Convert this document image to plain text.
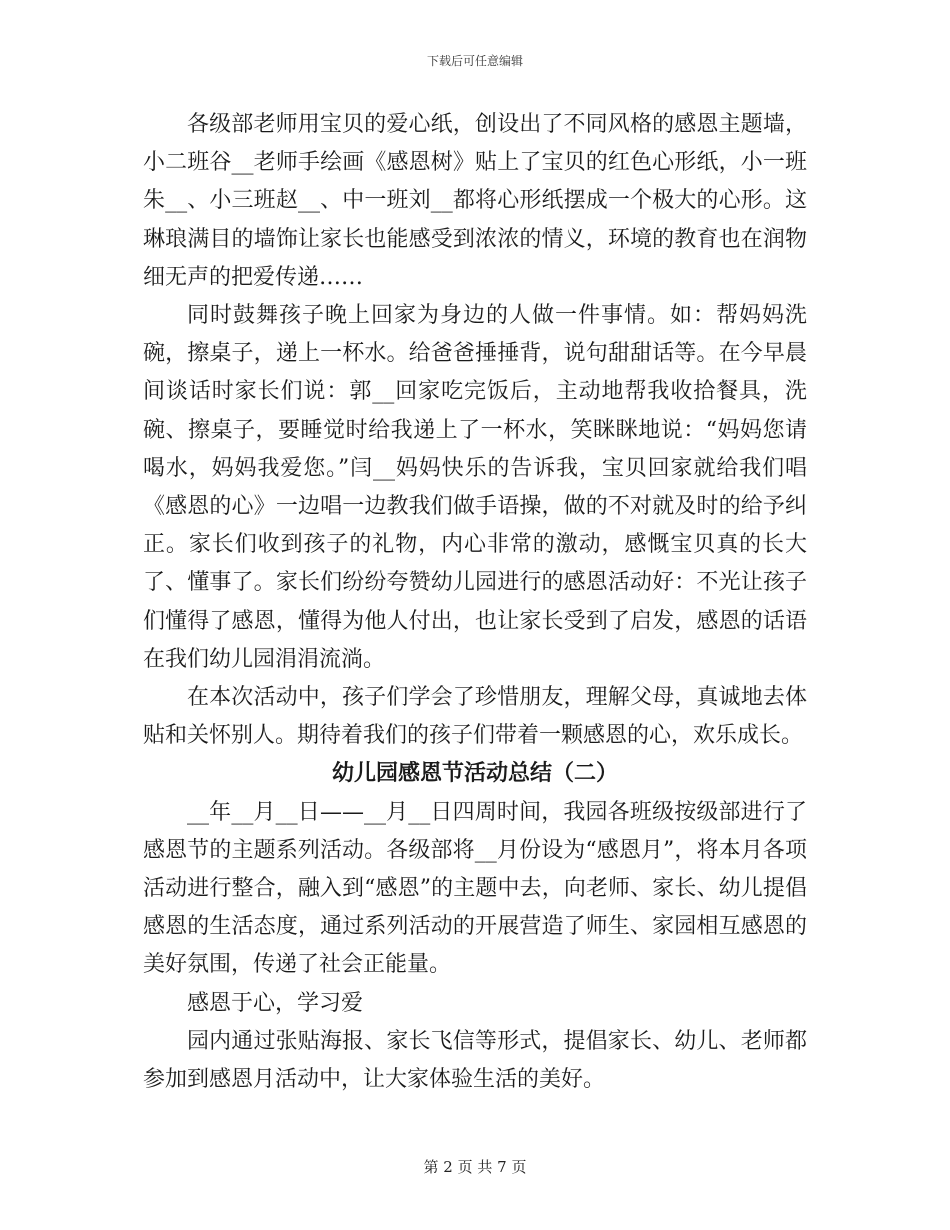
下载后可任意编辑

各级部老师用宝贝的爱心纸，创设出了不同风格的感恩主题墙，小二班谷__老师手绘画《感恩树》贴上了宝贝的红色心形纸，小一班朱__、小三班赵__、中一班刘__都将心形纸摆成一个极大的心形。这琳琅满目的墙饰让家长也能感受到浓浓的情义，环境的教育也在润物细无声的把爱传递……

同时鼓舞孩子晚上回家为身边的人做一件事情。如：帮妈妈洗碗，擦桌子，递上一杯水。给爸爸捶捶背，说句甜甜话等。在今早晨间谈话时家长们说：郭__回家吃完饭后，主动地帮我收拾餐具，洗碗、擦桌子，要睡觉时给我递上了一杯水，笑眯眯地说：“妈妈您请喝水，妈妈我爱您。”闫__妈妈快乐的告诉我，宝贝回家就给我们唱《感恩的心》一边唱一边教我们做手语操，做的不对就及时的给予纠正。家长们收到孩子的礼物，内心非常的激动，感慨宝贝真的长大了、懂事了。家长们纷纷夸赞幼儿园进行的感恩活动好：不光让孩子们懂得了感恩，懂得为他人付出，也让家长受到了启发，感恩的话语在我们幼儿园涓涓流淌。

在本次活动中，孩子们学会了珍惜朋友，理解父母，真诚地去体贴和关怀别人。期待着我们的孩子们带着一颗感恩的心，欢乐成长。

幼儿园感恩节活动总结（二）

__年__月__日——__月__日四周时间，我园各班级按级部进行了感恩节的主题系列活动。各级部将__月份设为“感恩月”，将本月各项活动进行整合，融入到“感恩”的主题中去，向老师、家长、幼儿提倡感恩的生活态度，通过系列活动的开展营造了师生、家园相互感恩的美好氛围，传递了社会正能量。

感恩于心，学习爱

园内通过张贴海报、家长飞信等形式，提倡家长、幼儿、老师都参加到感恩月活动中，让大家体验生活的美好。

第 2 页 共 7 页
